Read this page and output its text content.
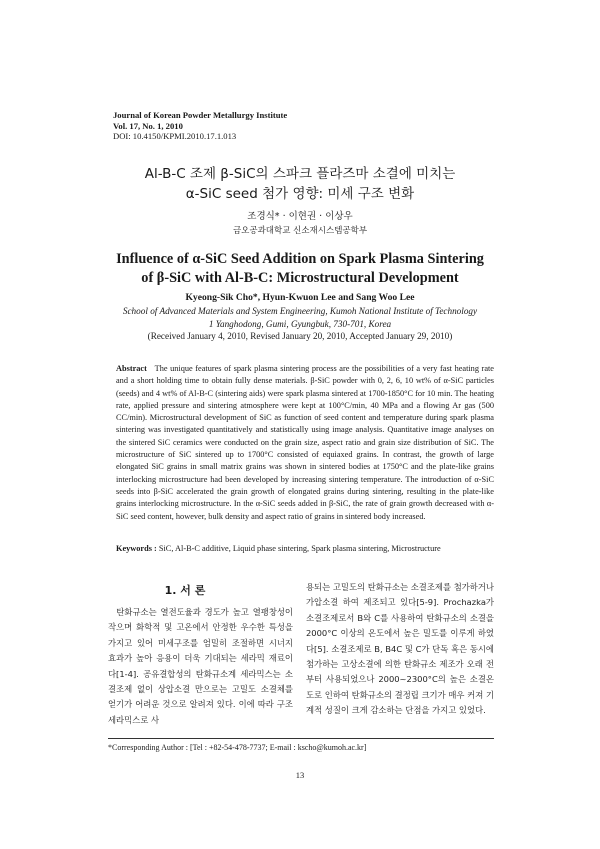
Journal of Korean Powder Metallurgy Institute
Vol. 17, No. 1, 2010
DOI: 10.4150/KPMI.2010.17.1.013
Al-B-C 조제 β-SiC의 스파크 플라즈마 소결에 미치는
α-SiC seed 첨가 영향: 미세 구조 변화
조경식* · 이현권 · 이상우
금오공과대학교 신소재시스템공학부
Influence of α-SiC Seed Addition on Spark Plasma Sintering
of β-SiC with Al-B-C: Microstructural Development
Kyeong-Sik Cho*, Hyun-Kwuon Lee and Sang Woo Lee
School of Advanced Materials and System Engineering, Kumoh National Institute of Technology
1 Yanghodong, Gumi, Gyungbuk, 730-701, Korea
(Received January 4, 2010, Revised January 20, 2010, Accepted January 29, 2010)
Abstract The unique features of spark plasma sintering process are the possibilities of a very fast heating rate and a short holding time to obtain fully dense materials. β-SiC powder with 0, 2, 6, 10 wt% of α-SiC particles (seeds) and 4 wt% of Al-B-C (sintering aids) were spark plasma sintered at 1700-1850°C for 10 min. The heating rate, applied pressure and sintering atmosphere were kept at 100°C/min, 40 MPa and a flowing Ar gas (500 CC/min). Microstructural development of SiC as function of seed content and temperature during spark plasma sintering was investigated quantitatively and statistically using image analysis. Quantitative image analyses on the sintered SiC ceramics were conducted on the grain size, aspect ratio and grain size distribution of SiC. The microstructure of SiC sintered up to 1700°C consisted of equiaxed grains. In contrast, the growth of large elongated SiC grains in small matrix grains was shown in sintered bodies at 1750°C and the plate-like grains interlocking microstructure had been developed by increasing sintering temperature. The introduction of α-SiC seeds into β-SiC accelerated the grain growth of elongated grains during sintering, resulting in the plate-like grains interlocking microstructure. In the α-SiC seeds added in β-SiC, the rate of grain growth decreased with α-SiC seed content, however, bulk density and aspect ratio of grains in sintered body increased.
Keywords : SiC, Al-B-C additive, Liquid phase sintering, Spark plasma sintering, Microstructure
1. 서 론
탄화규소는 열전도율과 경도가 높고 열팽창성이 작으며 화학적 및 고온에서 안정한 우수한 특성을 가지고 있어 미세구조를 엄밀히 조절하면 시너지 효과가 높아 응용이 더욱 기대되는 세라믹 재료이다[1-4]. 공유결합성의 탄화규소계 세라믹스는 소결조제 없이 상압소결 만으로는 고밀도 소결체를 얻기가 어려운 것으로 알려져 있다. 이에 따라 구조 세라믹스로 사
용되는 고밀도의 탄화규소는 소결조제를 첨가하거나 가압소결 하여 제조되고 있다[5-9]. Prochazka가 소결조제로서 B와 C를 사용하여 탄화규소의 소결을 2000°C 이상의 온도에서 높은 밀도를 이루게 하였다[5]. 소결조제로 B, B4C 및 C가 단독 혹은 동시에 첨가하는 고상소결에 의한 탄화규소 제조가 오래 전부터 사용되었으나 2000~2300°C의 높은 소결온도로 인하여 탄화규소의 결정립 크기가 매우 커져 기계적 성질이 크게 감소하는 단점을 가지고 있었다.
*Corresponding Author : [Tel : +82-54-478-7737; E-mail : kscho@kumoh.ac.kr]
13
